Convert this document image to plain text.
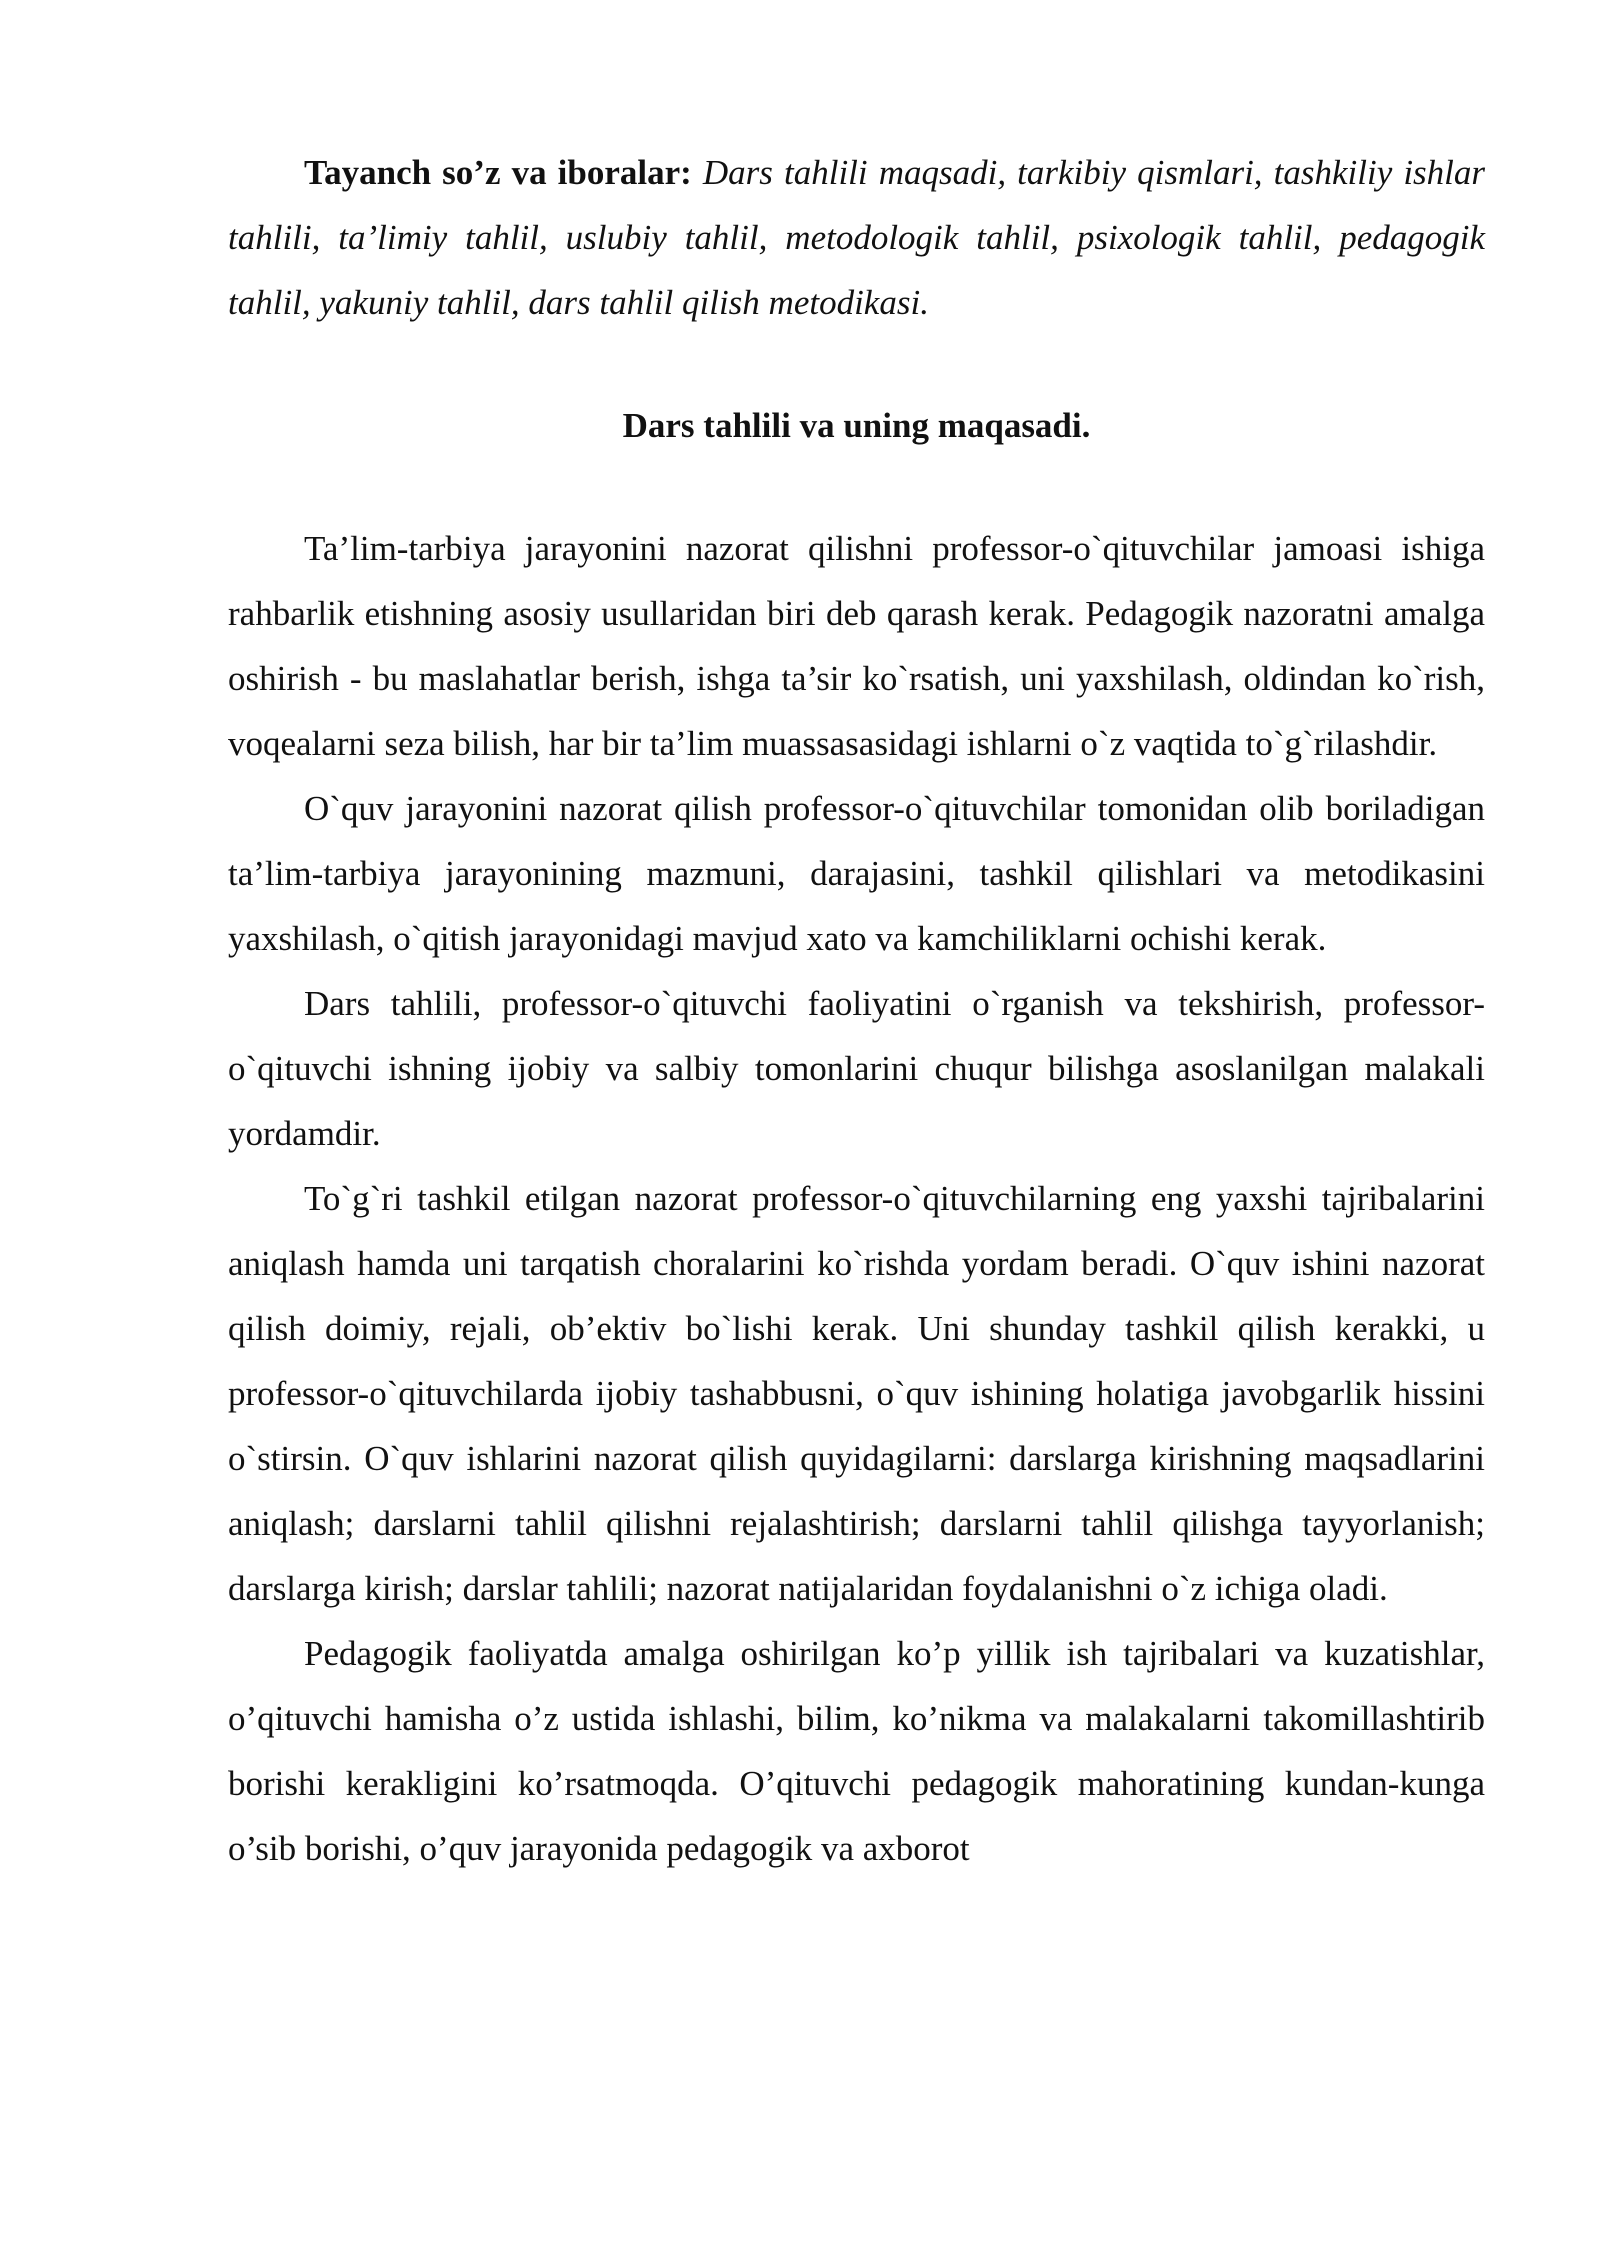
Tayanch so’z va iboralar: Dars tahlili maqsadi, tarkibiy qismlari, tashkiliy ishlar tahlili, ta’limiy tahlil, uslubiy tahlil, metodologik tahlil, psixologik tahlil, pedagogik tahlil, yakuniy tahlil, dars tahlil qilish metodikasi.

Dars tahlili va uning maqasadi.

Ta’lim-tarbiya jarayonini nazorat qilishni professor-o`qituvchilar jamoasi ishiga rahbarlik etishning asosiy usullaridan biri deb qarash kerak. Pedagogik nazoratni amalga oshirish - bu maslahatlar berish, ishga ta’sir ko`rsatish, uni yaxshilash, oldindan ko`rish, voqealarni seza bilish, har bir ta’lim muassasasidagi ishlarni o`z vaqtida to`g`rilashdir.

O`quv jarayonini nazorat qilish professor-o`qituvchilar tomonidan olib boriladigan ta’lim-tarbiya jarayonining mazmuni, darajasini, tashkil qilishlari va metodikasini yaxshilash, o`qitish jarayonidagi mavjud xato va kamchiliklarni ochishi kerak.

Dars tahlili, professor-o`qituvchi faoliyatini o`rganish va tekshirish, professor-o`qituvchi ishning ijobiy va salbiy tomonlarini chuqur bilishga asoslanilgan malakali yordamdir.

To`g`ri tashkil etilgan nazorat professor-o`qituvchilarning eng yaxshi tajribalarini aniqlash hamda uni tarqatish choralarini ko`rishda yordam beradi. O`quv ishini nazorat qilish doimiy, rejali, ob’ektiv bo`lishi kerak. Uni shunday tashkil qilish kerakki, u professor-o`qituvchilarda ijobiy tashabbusni, o`quv ishining holatiga javobgarlik hissini o`stirsin. O`quv ishlarini nazorat qilish quyidagilarni: darslarga kirishning maqsadlarini aniqlash; darslarni tahlil qilishni rejalashtirish; darslarni tahlil qilishga tayyorlanish; darslarga kirish; darslar tahlili; nazorat natijalaridan foydalanishni o`z ichiga oladi.

Pedagogik faoliyatda amalga oshirilgan ko’p yillik ish tajribalari va kuzatishlar, o’qituvchi hamisha o’z ustida ishlashi, bilim, ko’nikma va malakalarni takomillashtirib borishi kerakligini ko’rsatmoqda. O’qituvchi pedagogik mahoratining kundan-kunga o’sib borishi, o’quv jarayonida pedagogik va axborot
